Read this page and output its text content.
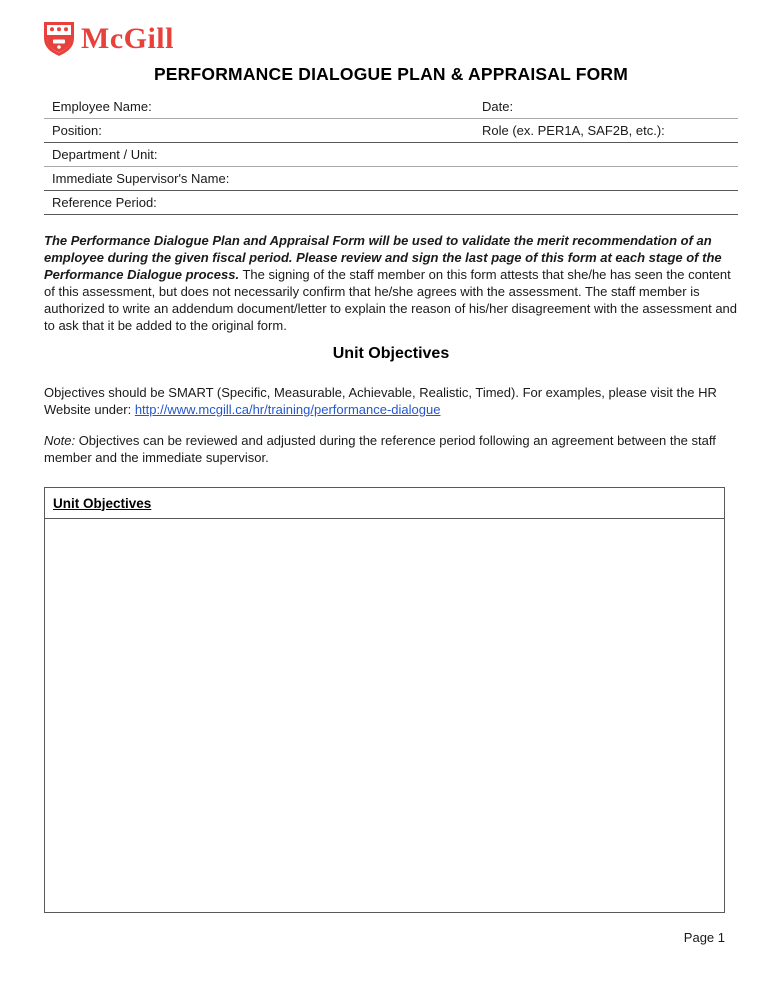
McGill
PERFORMANCE DIALOGUE PLAN & APPRAISAL FORM
Employee Name:	Date:
Position:	Role (ex. PER1A, SAF2B, etc.):
Department / Unit:
Immediate Supervisor's Name:
Reference Period:

The Performance Dialogue Plan and Appraisal Form will be used to validate the merit recommendation of an employee during the given fiscal period. Please review and sign the last page of this form at each stage of the Performance Dialogue process. The signing of the staff member on this form attests that she/he has seen the content of this assessment, but does not necessarily confirm that he/she agrees with the assessment. The staff member is authorized to write an addendum document/letter to explain the reason of his/her disagreement with the assessment and to ask that it be added to the original form.

Unit Objectives

Objectives should be SMART (Specific, Measurable, Achievable, Realistic, Timed). For examples, please visit the HR Website under: http://www.mcgill.ca/hr/training/performance-dialogue

Note: Objectives can be reviewed and adjusted during the reference period following an agreement between the staff member and the immediate supervisor.

Unit Objectives
Page 1
